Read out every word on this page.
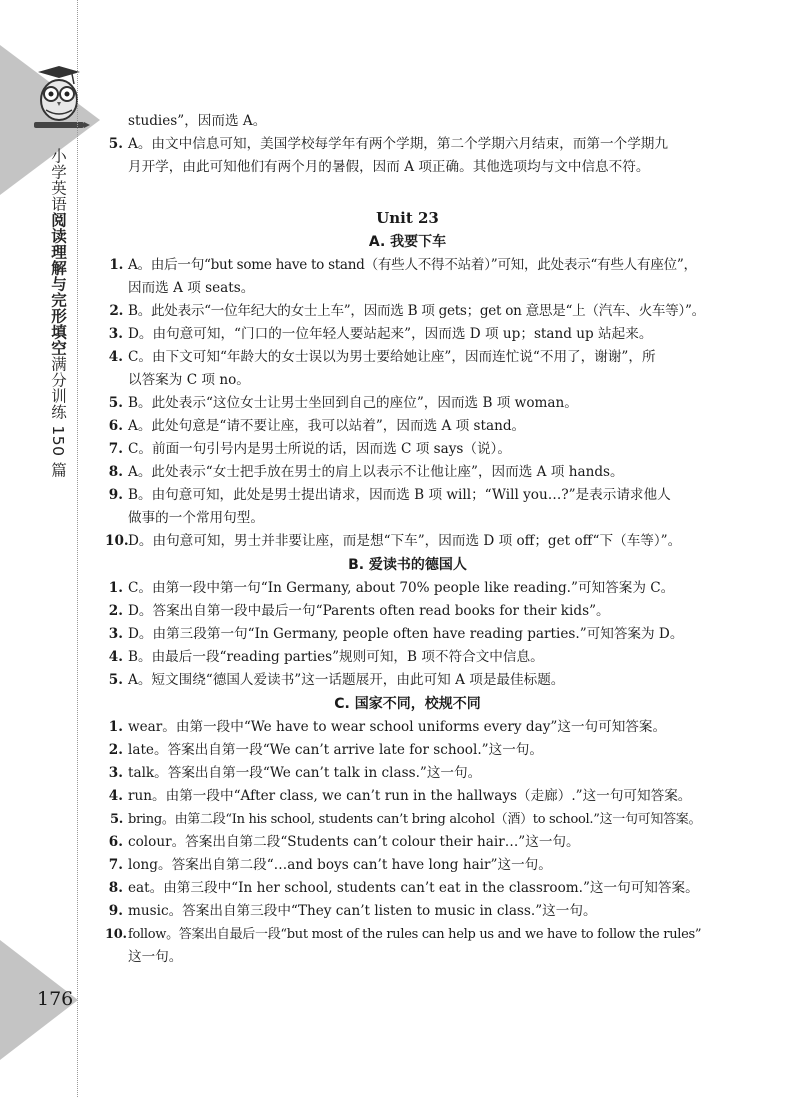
小学英语阅读理解与完形填空满分训练 150 篇
176
studies”，因而选 A。
5. A。由文中信息可知，美国学校每学年有两个学期，第二个学期六月结束，而第一个学期九
月开学，由此可知他们有两个月的暑假，因而 A 项正确。其他选项均与文中信息不符。
Unit 23
A. 我要下车
1. A。由后一句“but some have to stand（有些人不得不站着）”可知，此处表示“有些人有座位”，
因而选 A 项 seats。
2. B。此处表示“一位年纪大的女士上车”，因而选 B 项 gets；get on 意思是“上（汽车、火车等）”。
3. D。由句意可知，“门口的一位年轻人要站起来”，因而选 D 项 up；stand up 站起来。
4. C。由下文可知“年龄大的女士误以为男士要给她让座”，因而连忙说“不用了，谢谢”，所
以答案为 C 项 no。
5. B。此处表示“这位女士让男士坐回到自己的座位”，因而选 B 项 woman。
6. A。此处句意是“请不要让座，我可以站着”，因而选 A 项 stand。
7. C。前面一句引号内是男士所说的话，因而选 C 项 says（说）。
8. A。此处表示“女士把手放在男士的肩上以表示不让他让座”，因而选 A 项 hands。
9. B。由句意可知，此处是男士提出请求，因而选 B 项 will；“Will you…?”是表示请求他人
做事的一个常用句型。
10. D。由句意可知，男士并非要让座，而是想“下车”，因而选 D 项 off；get off“下（车等）”。
B. 爱读书的德国人
1. C。由第一段中第一句“In Germany, about 70% people like reading.”可知答案为 C。
2. D。答案出自第一段中最后一句“Parents often read books for their kids”。
3. D。由第三段第一句“In Germany, people often have reading parties.”可知答案为 D。
4. B。由最后一段“reading parties”规则可知，B 项不符合文中信息。
5. A。短文围绕“德国人爱读书”这一话题展开，由此可知 A 项是最佳标题。
C. 国家不同，校规不同
1. wear。由第一段中“We have to wear school uniforms every day”这一句可知答案。
2. late。答案出自第一段“We can’t arrive late for school.”这一句。
3. talk。答案出自第一段“We can’t talk in class.”这一句。
4. run。由第一段中“After class, we can’t run in the hallways（走廊）.”这一句可知答案。
5. bring。由第二段“In his school, students can’t bring alcohol（酒）to school.”这一句可知答案。
6. colour。答案出自第二段“Students can’t colour their hair…”这一句。
7. long。答案出自第二段“…and boys can’t have long hair”这一句。
8. eat。由第三段中“In her school, students can’t eat in the classroom.”这一句可知答案。
9. music。答案出自第三段中“They can’t listen to music in class.”这一句。
10. follow。答案出自最后一段“but most of the rules can help us and we have to follow the rules”
这一句。
